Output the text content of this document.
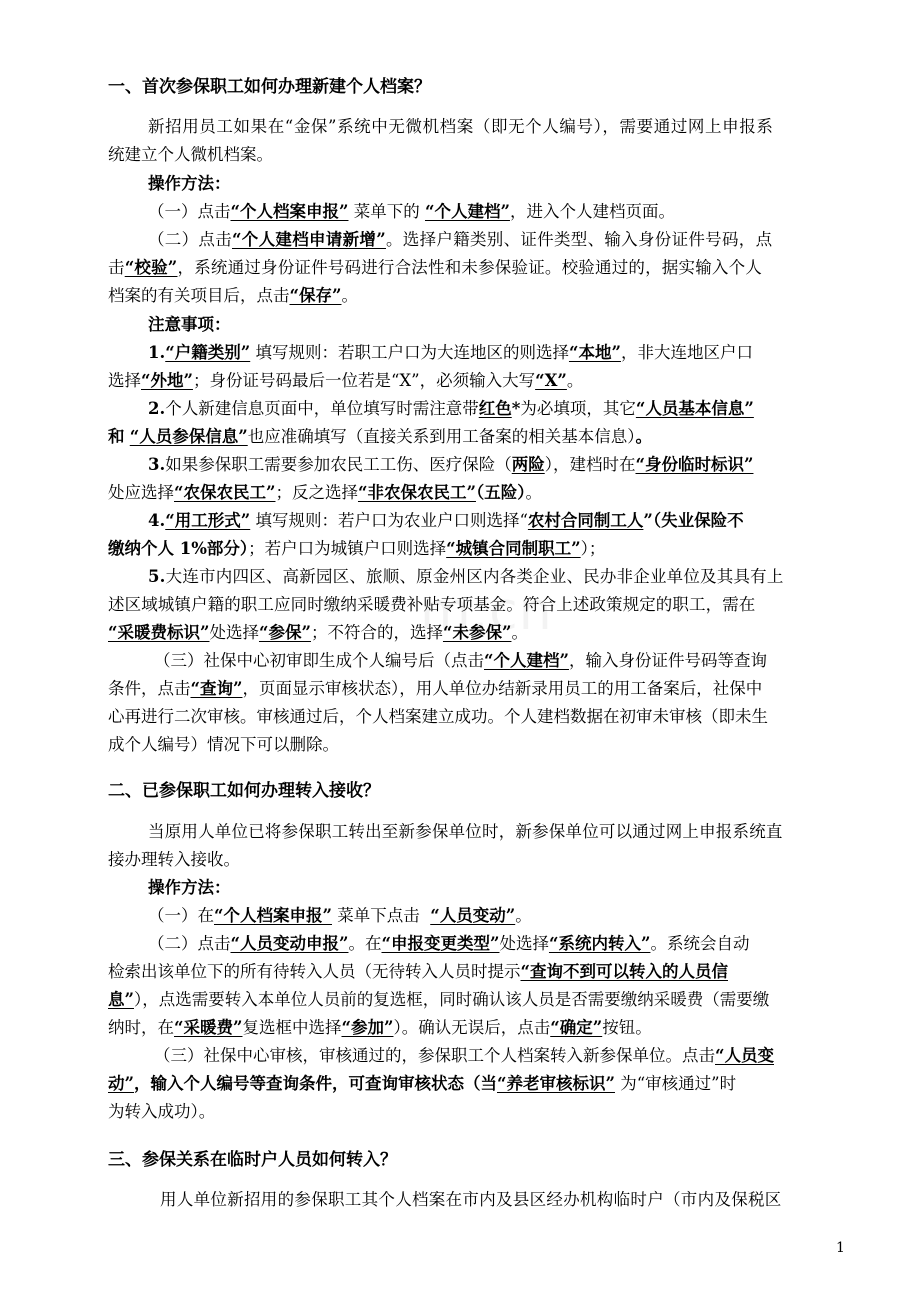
一、首次参保职工如何办理新建个人档案？
新招用员工如果在“金保”系统中无微机档案（即无个人编号），需要通过网上申报系
统建立个人微机档案。
操作方法：
（一）点击“个人档案申报” 菜单下的 “个人建档”，进入个人建档页面。
（二）点击“个人建档申请新增”。选择户籍类别、证件类型、输入身份证件号码，点
击“校验”，系统通过身份证件号码进行合法性和未参保验证。校验通过的，据实输入个人
档案的有关项目后，点击“保存”。
注意事项：
1.“户籍类别” 填写规则：若职工户口为大连地区的则选择“本地”，非大连地区户口
选择“外地”；身份证号码最后一位若是“X”，必须输入大写“X”。
2.个人新建信息页面中，单位填写时需注意带红色*为必填项，其它“人员基本信息”
和 “人员参保信息”也应准确填写（直接关系到用工备案的相关基本信息）。
3.如果参保职工需要参加农民工工伤、医疗保险（两险），建档时在“身份临时标识”
处应选择“农保农民工”；反之选择“非农保农民工”（五险）。
4.“用工形式” 填写规则：若户口为农业户口则选择“农村合同制工人”（失业保险不
缴纳个人 1%部分）；若户口为城镇户口则选择“城镇合同制职工”）；
5.大连市内四区、高新园区、旅顺、原金州区内各类企业、民办非企业单位及其具有上
述区域城镇户籍的职工应同时缴纳采暖费补贴专项基金。符合上述政策规定的职工，需在
“采暖费标识”处选择“参保”；不符合的，选择“未参保”。
（三）社保中心初审即生成个人编号后（点击“个人建档”，输入身份证件号码等查询
条件，点击“查询”，页面显示审核状态），用人单位办结新录用员工的用工备案后，社保中
心再进行二次审核。审核通过后，个人档案建立成功。个人建档数据在初审未审核（即未生
成个人编号）情况下可以删除。
二、已参保职工如何办理转入接收？
当原用人单位已将参保职工转出至新参保单位时，新参保单位可以通过网上申报系统直
接办理转入接收。
操作方法：
（一）在“个人档案申报” 菜单下点击 “人员变动”。
（二）点击“人员变动申报”。在“申报变更类型”处选择“系统内转入”。系统会自动
检索出该单位下的所有待转入人员（无待转入人员时提示“查询不到可以转入的人员信
息”），点选需要转入本单位人员前的复选框，同时确认该人员是否需要缴纳采暖费（需要缴
纳时，在“采暖费”复选框中选择“参加”）。确认无误后，点击“确定”按钮。
（三）社保中心审核，审核通过的，参保职工个人档案转入新参保单位。点击“人员变
动”，输入个人编号等查询条件，可查询审核状态（当“养老审核标识” 为“审核通过”时
为转入成功）。
三、参保关系在临时户人员如何转入？
用人单位新招用的参保职工其个人档案在市内及县区经办机构临时户（市内及保税区
1
